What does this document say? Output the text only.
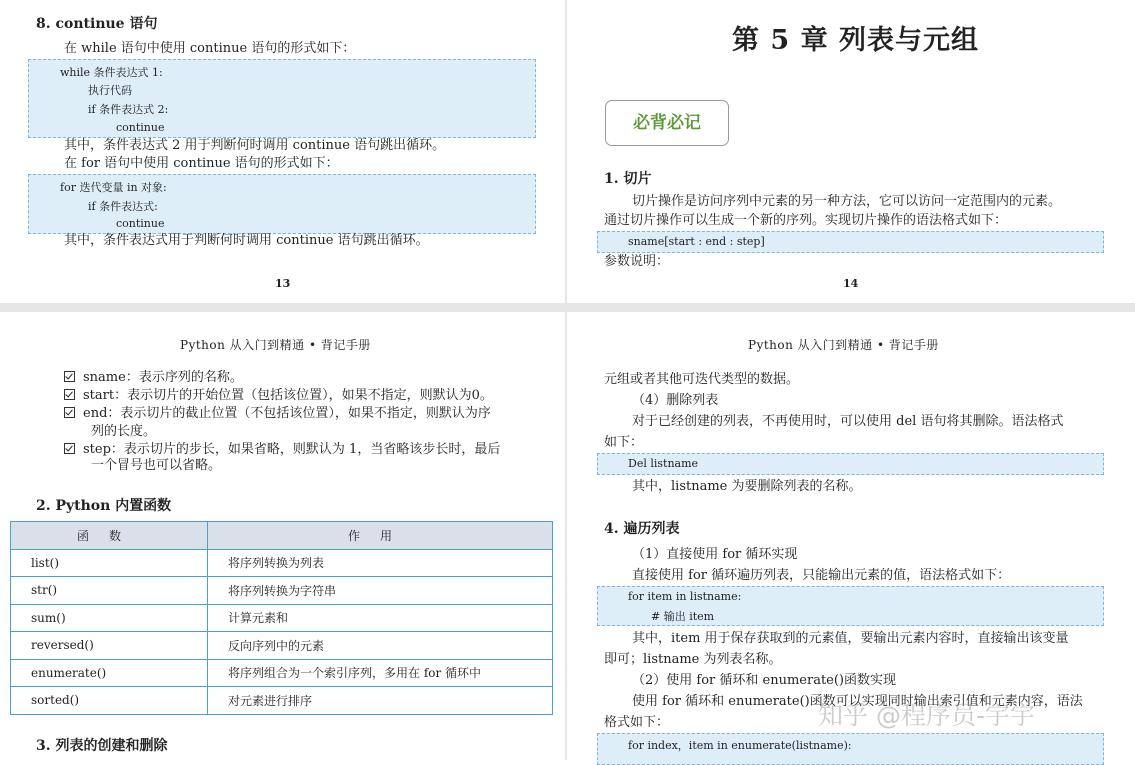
8. continue 语句
在 while 语句中使用 continue 语句的形式如下：
while 条件表达式 1:
执行代码
if 条件表达式 2:
continue
其中，条件表达式 2 用于判断何时调用 continue 语句跳出循环。
在 for 语句中使用 continue 语句的形式如下：
for 迭代变量 in 对象:
if 条件表达式:
continue
其中，条件表达式用于判断何时调用 continue 语句跳出循环。
13
第 5 章 列表与元组
必背必记
1. 切片
切片操作是访问序列中元素的另一种方法，它可以访问一定范围内的元素。
通过切片操作可以生成一个新的序列。实现切片操作的语法格式如下：
sname[start : end : step]
参数说明：
14
Python 从入门到精通 • 背记手册
sname：表示序列的名称。
start：表示切片的开始位置（包括该位置），如果不指定，则默认为0。
end：表示切片的截止位置（不包括该位置），如果不指定，则默认为序
列的长度。
step：表示切片的步长，如果省略，则默认为 1，当省略该步长时，最后
一个冒号也可以省略。
2. Python 内置函数
函数	作用
list()	将序列转换为列表
str()	将序列转换为字符串
sum()	计算元素和
reversed()	反向序列中的元素
enumerate()	将序列组合为一个索引序列，多用在 for 循环中
sorted()	对元素进行排序
3. 列表的创建和删除
Python 从入门到精通 • 背记手册
元组或者其他可迭代类型的数据。
（4）删除列表
对于已经创建的列表，不再使用时，可以使用 del 语句将其删除。语法格式
如下：
Del listname
其中，listname 为要删除列表的名称。
4. 遍历列表
（1）直接使用 for 循环实现
直接使用 for 循环遍历列表，只能输出元素的值，语法格式如下：
for item in listname:
# 输出 item
其中，item 用于保存获取到的元素值，要输出元素内容时，直接输出该变量
即可；listname 为列表名称。
（2）使用 for 循环和 enumerate()函数实现
使用 for 循环和 enumerate()函数可以实现同时输出索引值和元素内容，语法
格式如下：
for index，item in enumerate(listname):
知乎 @程序员-宇宇
